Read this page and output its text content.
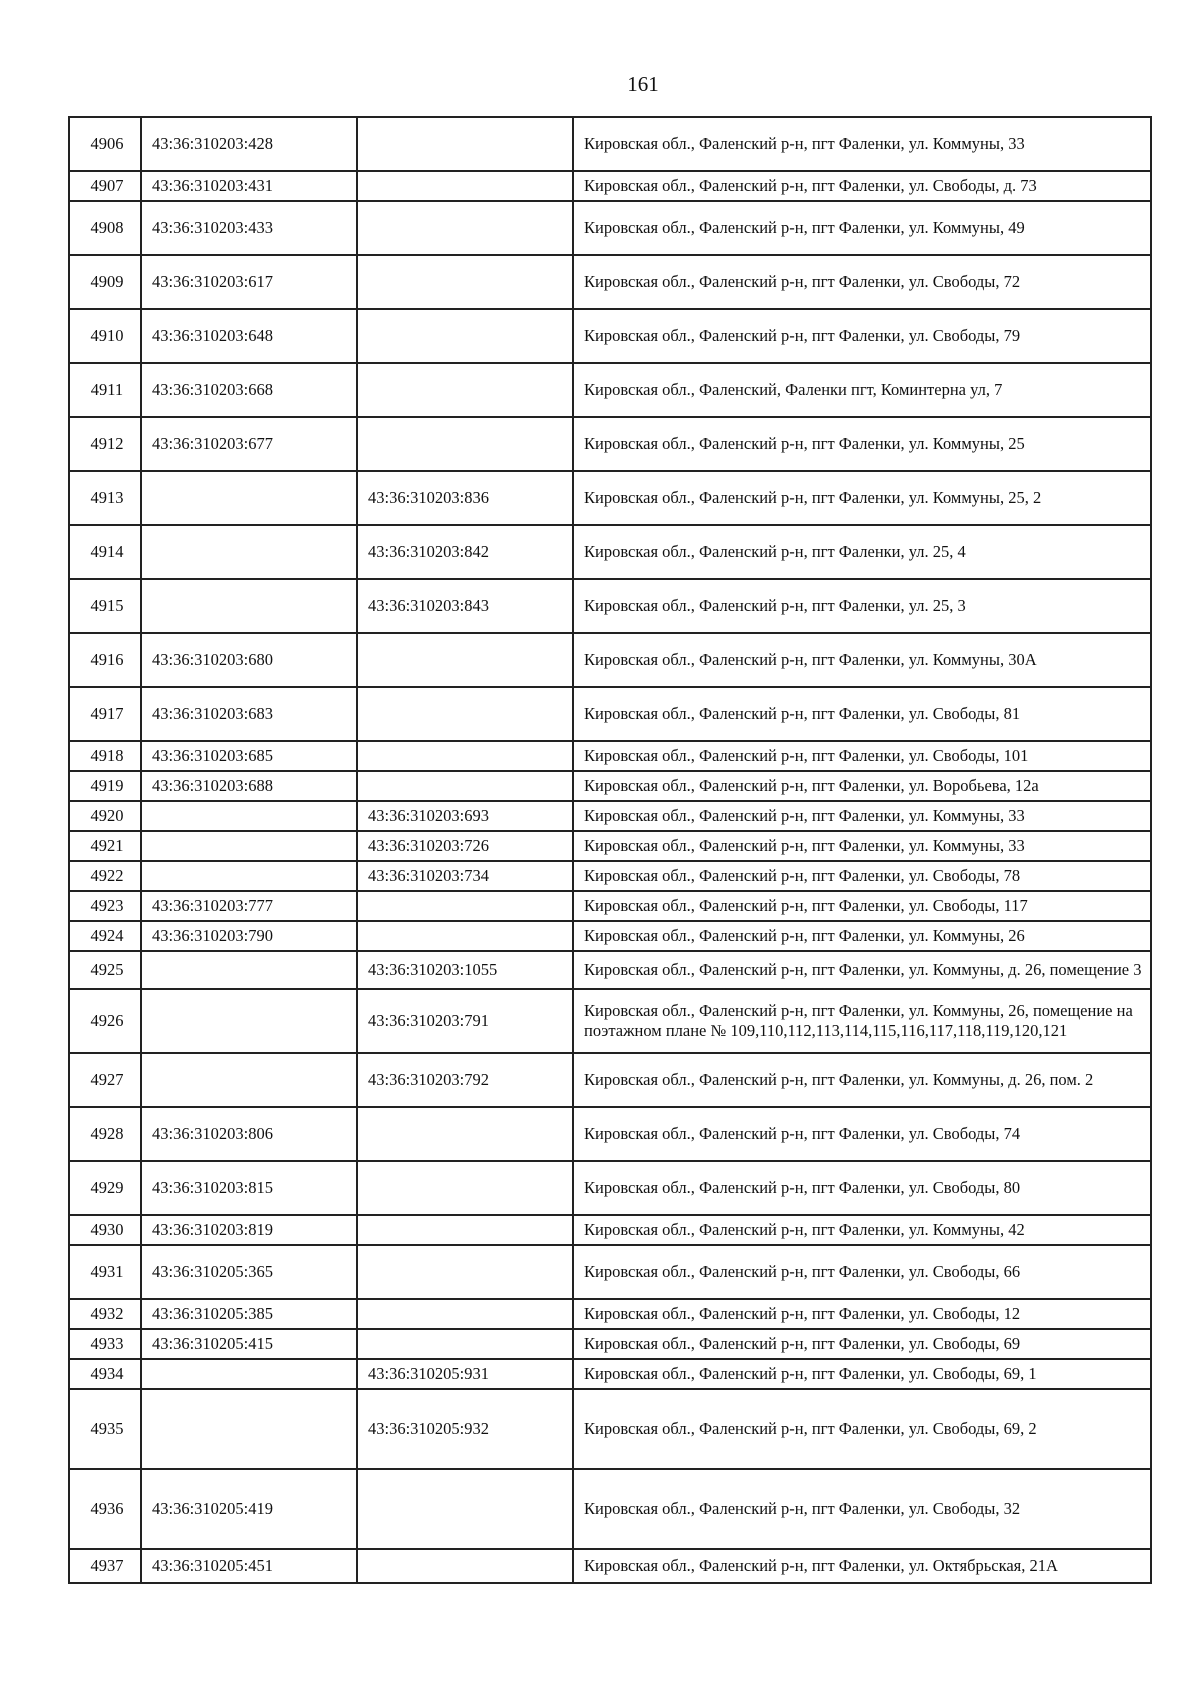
161
4906	43:36:310203:428		Кировская обл., Фаленский р-н, пгт Фаленки, ул. Коммуны, 33
4907	43:36:310203:431		Кировская обл., Фаленский р-н, пгт Фаленки, ул. Свободы, д. 73
4908	43:36:310203:433		Кировская обл., Фаленский р-н, пгт Фаленки, ул. Коммуны, 49
4909	43:36:310203:617		Кировская обл., Фаленский р-н, пгт Фаленки, ул. Свободы, 72
4910	43:36:310203:648		Кировская обл., Фаленский р-н, пгт Фаленки, ул. Свободы, 79
4911	43:36:310203:668		Кировская обл., Фаленский, Фаленки пгт, Коминтерна ул, 7
4912	43:36:310203:677		Кировская обл., Фаленский р-н, пгт Фаленки, ул. Коммуны, 25
4913		43:36:310203:836	Кировская обл., Фаленский р-н, пгт Фаленки, ул. Коммуны, 25, 2
4914		43:36:310203:842	Кировская обл., Фаленский р-н, пгт Фаленки, ул. 25, 4
4915		43:36:310203:843	Кировская обл., Фаленский р-н, пгт Фаленки, ул. 25, 3
4916	43:36:310203:680		Кировская обл., Фаленский р-н, пгт Фаленки, ул. Коммуны, 30А
4917	43:36:310203:683		Кировская обл., Фаленский р-н, пгт Фаленки, ул. Свободы, 81
4918	43:36:310203:685		Кировская обл., Фаленский р-н, пгт Фаленки, ул. Свободы, 101
4919	43:36:310203:688		Кировская обл., Фаленский р-н, пгт Фаленки, ул. Воробьева, 12а
4920		43:36:310203:693	Кировская обл., Фаленский р-н, пгт Фаленки, ул. Коммуны, 33
4921		43:36:310203:726	Кировская обл., Фаленский р-н, пгт Фаленки, ул. Коммуны, 33
4922		43:36:310203:734	Кировская обл., Фаленский р-н, пгт Фаленки, ул. Свободы, 78
4923	43:36:310203:777		Кировская обл., Фаленский р-н, пгт Фаленки, ул. Свободы, 117
4924	43:36:310203:790		Кировская обл., Фаленский р-н, пгт Фаленки, ул. Коммуны, 26
4925		43:36:310203:1055	Кировская обл., Фаленский р-н, пгт Фаленки, ул. Коммуны, д. 26, помещение 3
4926		43:36:310203:791	Кировская обл., Фаленский р-н, пгт Фаленки, ул. Коммуны, 26, помещение на поэтажном плане № 109,110,112,113,114,115,116,117,118,119,120,121
4927		43:36:310203:792	Кировская обл., Фаленский р-н, пгт Фаленки, ул. Коммуны, д. 26, пом. 2
4928	43:36:310203:806		Кировская обл., Фаленский р-н, пгт Фаленки, ул. Свободы, 74
4929	43:36:310203:815		Кировская обл., Фаленский р-н, пгт Фаленки, ул. Свободы, 80
4930	43:36:310203:819		Кировская обл., Фаленский р-н, пгт Фаленки, ул. Коммуны, 42
4931	43:36:310205:365		Кировская обл., Фаленский р-н, пгт Фаленки, ул. Свободы, 66
4932	43:36:310205:385		Кировская обл., Фаленский р-н, пгт Фаленки, ул. Свободы, 12
4933	43:36:310205:415		Кировская обл., Фаленский р-н, пгт Фаленки, ул. Свободы, 69
4934		43:36:310205:931	Кировская обл., Фаленский р-н, пгт Фаленки, ул. Свободы, 69, 1
4935		43:36:310205:932	Кировская обл., Фаленский р-н, пгт Фаленки, ул. Свободы, 69, 2
4936	43:36:310205:419		Кировская обл., Фаленский р-н, пгт Фаленки, ул. Свободы, 32
4937	43:36:310205:451		Кировская обл., Фаленский р-н, пгт Фаленки, ул. Октябрьская, 21А
